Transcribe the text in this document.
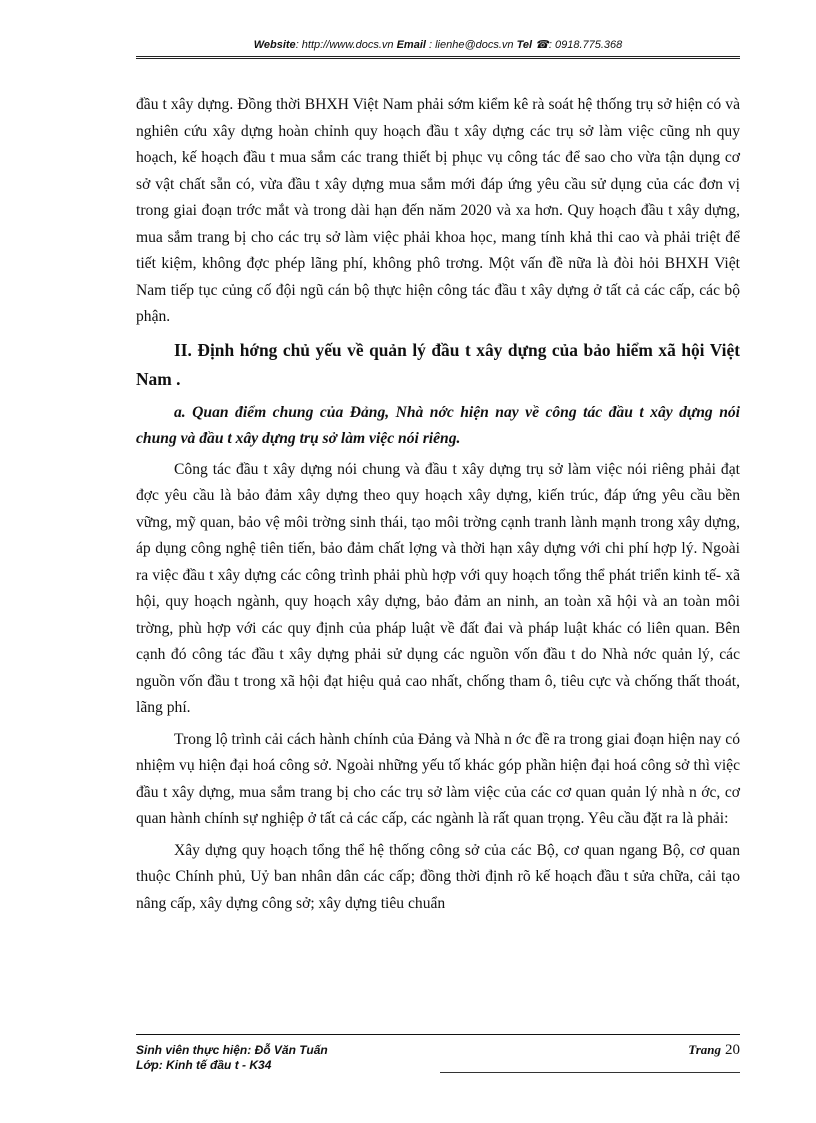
Website: http://www.docs.vn Email : lienhe@docs.vn Tel ☎: 0918.775.368

đầu t xây dựng. Đồng thời BHXH Việt Nam phải sớm kiểm kê rà soát hệ thống trụ sở hiện có và nghiên cứu xây dựng hoàn chỉnh quy hoạch đầu t xây dựng các trụ sở làm việc cũng nh quy hoạch, kế hoạch đầu t mua sắm các trang thiết bị phục vụ công tác để sao cho vừa tận dụng cơ sở vật chất sẵn có, vừa đầu t xây dựng mua sắm mới đáp ứng yêu cầu sử dụng của các đơn vị trong giai đoạn trớc mắt và trong dài hạn đến năm 2020 và xa hơn. Quy hoạch đầu t xây dựng, mua sắm trang bị cho các trụ sở làm việc phải khoa học, mang tính khả thi cao và phải triệt để tiết kiệm, không đợc phép lãng phí, không phô trơng. Một vấn đề nữa là đòi hỏi BHXH Việt Nam tiếp tục củng cố đội ngũ cán bộ thực hiện công tác đầu t xây dựng ở tất cả các cấp, các bộ phận.

II. Định hớng chủ yếu về quản lý đầu t xây dựng của bảo hiểm xã hội Việt Nam .
a. Quan điểm chung của Đảng, Nhà nớc hiện nay về công tác đầu t xây dựng nói chung và đầu t xây dựng trụ sở làm việc nói riêng.

Công tác đầu t xây dựng nói chung và đầu t xây dựng trụ sở làm việc nói riêng phải đạt đợc yêu cầu là bảo đảm xây dựng theo quy hoạch xây dựng, kiến trúc, đáp ứng yêu cầu bền vững, mỹ quan, bảo vệ môi trờng sinh thái, tạo môi trờng cạnh tranh lành mạnh trong xây dựng, áp dụng công nghệ tiên tiến, bảo đảm chất lợng và thời hạn xây dựng với chi phí hợp lý. Ngoài ra việc đầu t xây dựng các công trình phải phù hợp với quy hoạch tổng thể phát triển kinh tế- xã hội, quy hoạch ngành, quy hoạch xây dựng, bảo đảm an ninh, an toàn xã hội và an toàn môi trờng, phù hợp với các quy định của pháp luật về đất đai và pháp luật khác có liên quan. Bên cạnh đó công tác đầu t xây dựng phải sử dụng các nguồn vốn đầu t do Nhà nớc quản lý, các nguồn vốn đầu t trong xã hội đạt hiệu quả cao nhất, chống tham ô, tiêu cực và chống thất thoát, lãng phí.

Trong lộ trình cải cách hành chính của Đảng và Nhà n ớc đề ra trong giai đoạn hiện nay có nhiệm vụ hiện đại hoá công sở. Ngoài những yếu tố khác góp phần hiện đại hoá công sở thì việc đầu t xây dựng, mua sắm trang bị cho các trụ sở làm việc của các cơ quan quản lý nhà n ớc, cơ quan hành chính sự nghiệp ở tất cả các cấp, các ngành là rất quan trọng. Yêu cầu đặt ra là phải:

Xây dựng quy hoạch tổng thể hệ thống công sở của các Bộ, cơ quan ngang Bộ, cơ quan thuộc Chính phủ, Uỷ ban nhân dân các cấp; đồng thời định rõ kế hoạch đầu t sửa chữa, cải tạo nâng cấp, xây dựng công sở; xây dựng tiêu chuẩn

Sinh viên thực hiện: Đỗ Văn Tuấn
Lớp: Kinh tế đầu t - K34
Trang 20
